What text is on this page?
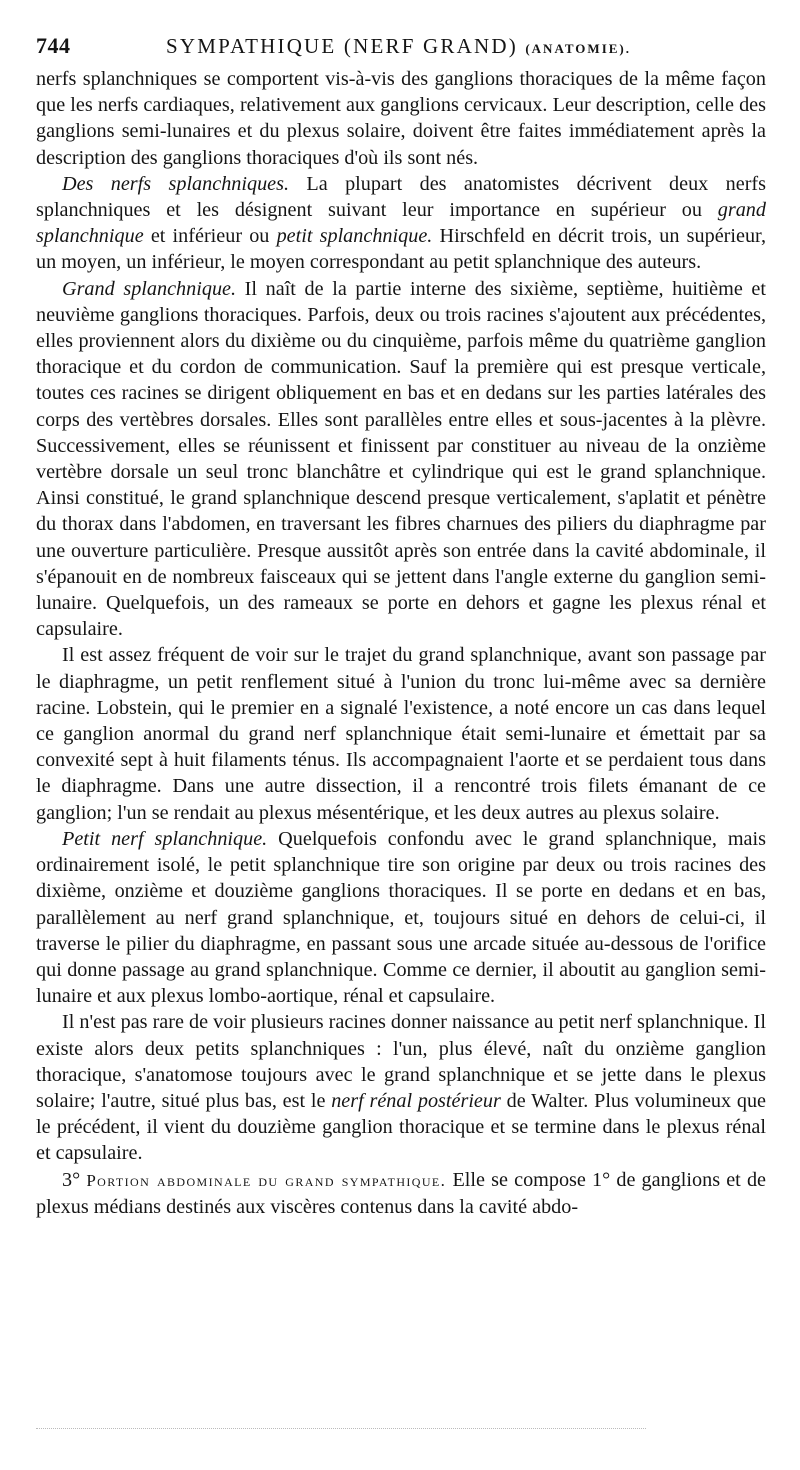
744	SYMPATHIQUE (NERF GRAND) (ANATOMIE).

nerfs splanchniques se comportent vis-à-vis des ganglions thoraciques de la même façon que les nerfs cardiaques, relativement aux ganglions cervicaux. Leur description, celle des ganglions semi-lunaires et du plexus solaire, doivent être faites immédiatement après la description des ganglions thoraciques d'où ils sont nés.

Des nerfs splanchniques. La plupart des anatomistes décrivent deux nerfs splanchniques et les désignent suivant leur importance en supérieur ou grand splanchnique et inférieur ou petit splanchnique. Hirschfeld en décrit trois, un supérieur, un moyen, un inférieur, le moyen correspondant au petit splanchnique des auteurs.

Grand splanchnique. Il naît de la partie interne des sixième, septième, huitième et neuvième ganglions thoraciques. Parfois, deux ou trois racines s'ajoutent aux précédentes, elles proviennent alors du dixième ou du cinquième, parfois même du quatrième ganglion thoracique et du cordon de communication. Sauf la première qui est presque verticale, toutes ces racines se dirigent obliquement en bas et en dedans sur les parties latérales des corps des vertèbres dorsales. Elles sont parallèles entre elles et sous-jacentes à la plèvre. Successivement, elles se réunissent et finissent par constituer au niveau de la onzième vertèbre dorsale un seul tronc blanchâtre et cylindrique qui est le grand splanchnique. Ainsi constitué, le grand splanchnique descend presque verticalement, s'aplatit et pénètre du thorax dans l'abdomen, en traversant les fibres charnues des piliers du diaphragme par une ouverture particulière. Presque aussitôt après son entrée dans la cavité abdominale, il s'épanouit en de nombreux faisceaux qui se jettent dans l'angle externe du ganglion semi-lunaire. Quelquefois, un des rameaux se porte en dehors et gagne les plexus rénal et capsulaire.

Il est assez fréquent de voir sur le trajet du grand splanchnique, avant son passage par le diaphragme, un petit renflement situé à l'union du tronc lui-même avec sa dernière racine. Lobstein, qui le premier en a signalé l'existence, a noté encore un cas dans lequel ce ganglion anormal du grand nerf splanchnique était semi-lunaire et émettait par sa convexité sept à huit filaments ténus. Ils accompagnaient l'aorte et se perdaient tous dans le diaphragme. Dans une autre dissection, il a rencontré trois filets émanant de ce ganglion; l'un se rendait au plexus mésentérique, et les deux autres au plexus solaire.

Petit nerf splanchnique. Quelquefois confondu avec le grand splanchnique, mais ordinairement isolé, le petit splanchnique tire son origine par deux ou trois racines des dixième, onzième et douzième ganglions thoraciques. Il se porte en dedans et en bas, parallèlement au nerf grand splanchnique, et, toujours situé en dehors de celui-ci, il traverse le pilier du diaphragme, en passant sous une arcade située au-dessous de l'orifice qui donne passage au grand splanchnique. Comme ce dernier, il aboutit au ganglion semi-lunaire et aux plexus lombo-aortique, rénal et capsulaire.

Il n'est pas rare de voir plusieurs racines donner naissance au petit nerf splanchnique. Il existe alors deux petits splanchniques : l'un, plus élevé, naît du onzième ganglion thoracique, s'anatomose toujours avec le grand splanchnique et se jette dans le plexus solaire; l'autre, situé plus bas, est le nerf rénal postérieur de Walter. Plus volumineux que le précédent, il vient du douzième ganglion thoracique et se termine dans le plexus rénal et capsulaire.

3° Portion abdominale du grand sympathique. Elle se compose 1° de ganglions et de plexus médians destinés aux viscères contenus dans la cavité abdo-
